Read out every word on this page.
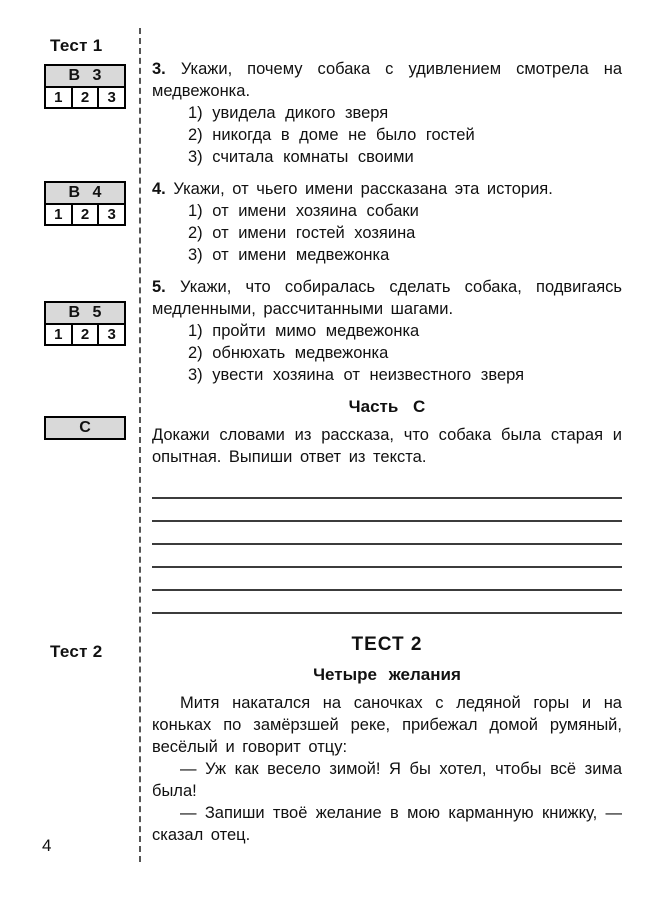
Тест 1
В 3
1	2	3
В 4
1	2	3
В 5
1	2	3
С
Тест 2
4

3. Укажи, почему собака с удивлением смотрела на медвежонка.

1) увидела дикого зверя
2) никогда в доме не было гостей
3) считала комнаты своими

4. Укажи, от чьего имени рассказана эта история.

1) от имени хозяина собаки
2) от имени гостей хозяина
3) от имени медвежонка

5. Укажи, что собиралась сделать собака, подвигаясь медленными, рассчитанными шагами.

1) пройти мимо медвежонка
2) обнюхать медвежонка
3) увести хозяина от неизвестного зверя
Часть С

Докажи словами из рассказа, что собака была старая и опытная. Выпиши ответ из текста.

ТЕСТ 2
Четыре желания

Митя накатался на саночках с ледяной горы и на коньках по замёрзшей реке, прибежал домой румяный, весёлый и говорит отцу:

— Уж как весело зимой! Я бы хотел, чтобы всё зима была!

— Запиши твоё желание в мою карманную книжку, — сказал отец.
